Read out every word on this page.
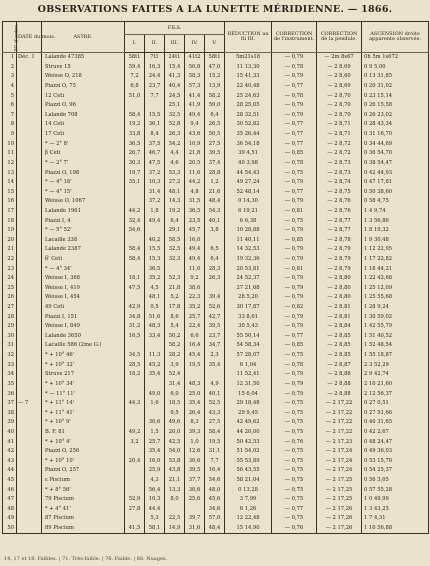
OBSERVATIONS FAITES A LA LUNETTE MÉRIDIENNE. — 1866.
N° d'ordre.	DATE du mois.	ASTRE.	FILS.					RÉDUCTION au fil III.	CORRECTION de l'instrument.	CORRECTION de la pendule.	ASCENSION droite apparente observée.
			I.	II.	III.	IV.	V.				
1	Déc. 1	Lalande 47385	58t1	7t1	24t1	41t2	58t1	5m21s18	— 0,79	— 2m 8s67	0h 5m 1s672
2		Struve 15	59,4	16,3	15,4	50,8	47,0	11 13,30	— 0,78	— 2 8,69	0 9 5,00
3		Weisse O, 218	7,2	24,4	41,3	58,3	15,2	15 41,33	— 0,79	— 2 8,60	0 13 31,85
4		Piazzi O, 75	6,8	23,7	40,4	57,3	13,9	22 40,48	— 0,77	— 2 8,69	0 20 31,02
5		12 Ceti	51,0	7,7	24,5	41,4	58,2	25 24,63	— 0,78	— 2 8,70	0 23 15,14
6		Piazzi O, 96			25,1	41,9	59,0	28 25,05	— 0,79	— 2 8,70	0 26 15,58
7		Lalande 708	58,4	15,5	32,5	49,4	6,4	28 32,51	— 0,79	— 2 8,70	0 26 23,02
8		14 Ceti	19,2	36,1	52,8	9,4	26,5	30 52,82	— 0,77	— 2 8,71	0 28 43,34
9		17 Ceti	33,8	8,4	26,3	43,6	50,5	35 26,44	— 0,77	— 2 8,71	0 31 16,70
10		* — 2° 8'	36,5	37,5	54,2	10,9	27,5	36 54,18	— 0,77	— 2 8,72	0 34 44,69
11		β Ceti	26,7	46,7	4,4	21,8	39,5	39 4,51	— 0,85	— 2 8,72	0 36 54,70
12		* — 2° 7'	30,3	47,5	4,6	20,5	37,4	40 3,98	— 0,78	— 2 8,73	0 38 54,47
13		Piazzi O, 198	19,7	37,2	53,3	11,6	28,8	44 54,43	— 0,75	— 2 8,73	0 42 44,93
14		* — 4° 18'	35,1	10,3	27,2	44,2	1,2	49 27,24	— 0,79	— 2 8,74	0 47 17,81
15		* — 4° 15'		31,4	48,1	4,8	21,6	52 48,14	— 0,77	— 2 8,75	0 50 38,60
16		Weisse O, 1067		37,2	14,3	31,5	48,4	0 14,30	— 0,79	— 2 8,76	0 58 4,75
17		Lalande 1961	44,2	1,8	19,2	36,5	54,3	6 19,21	— 0,81	— 2 8,76	1 4 9,74
18		Piazzi I, 4	32,4	49,4	6,4	23,5	40,1	6 6,38	— 0,75	— 2 8,77	1 3 56,86
19		* — 5° 52'	54,6		29,1	45,7	3,8	10 28,88	— 0,79	— 2 8,77	1 8 19,32
20		Lacaille 338		40,2	58,5	16,0		11 40,11	— 0,85	— 2 8,78	1 9 30,48
21		Lalande 2387	58,4	15,5	32,5	49,4	6,5	14 32,53	— 0,79	— 2 8,79	1 12 22,95
22		δ' Ceti	58,4	15,3	32,3	49,4	6,4	19 32,36	— 0,79	— 2 8,79	1 17 22,82
23		* — 4° 34'		36,5		11,0	28,3	20 53,81	— 0,81	— 2 8,79	1 18 44,21
24		Weisse I, 368	18,1	35,2	52,3	9,2	26,3	24 52,37	— 0,79	— 2 8,80	1 22 42,68
25		Weisse I, 419	47,5	4,5	21,8	38,6		27 21,68	— 0,79	— 2 8,80	1 25 12,09
26		Weisse I, 454		48,1	5,2	22,3	39,4	28 5,20	— 0,79	— 2 8,80	1 25 55,68
27		49 Ceti	42,9	0,5	17,8	35,2	52,6	30 17,87	— 0,82	— 2 8,81	1 28 9,24
28		Piazzi I, 151	34,8	51,6	8,6	25,7	42,7	33 8,61	— 0,79	— 2 8,81	1 30 59,02
29		Weisse I, 849	31,2	48,3	5,4	22,4	39,5	30 5,43	— 0,79	— 2 8,84	1 42 55,79
30		Lalande 3650	16,5	33,4	50,2	6,6	23,7	55 50,14	— 0,77	— 2 8,85	1 51 40,52
31		Lacaille 586 (2me G.)			58,2	16,4	34,7	54 58,34	— 0,85	— 2 8,85	1 52 48,54
32		* + 10° 46'	34,5	11,3	28,2	45,4	2,3	57 28,07	— 0,75	— 2 8,85	1 55 18,87
33		* + 10° 32'	28,5	45,2	3,9	19,5	35,4	6 1,04	— 0,78	— 2 8,87	2 3 52,29
34		Struve 217	18,2	35,4	52,4			11 52,41	— 0,79	— 2 8,88	2 9 42,74
35		* + 10° 34'			31,4	48,3	4,9	12 31,50	— 0,79	— 2 8,88	2 10 21,60
36		* — 11° 11'		49,0	6,0	25,0	40,1	15 6,04	— 0,79	— 2 8,88	2 12 56,37
37	— 7	* + 11° 14'	44,3	1,6	18,5	35,4	52,5	29 18,48	— 0,75	— 2 17,22	0 27 0,51
38		* + 11° 41'			9,5	26,4	43,3	29 9,45	— 0,75	— 2 17,22	0 27 51,66
39		* + 10° 9'		30,6	49,6	8,3	27,5	42 49,62	— 0,75	— 2 17,22	0 40 31,65
40		B. F. 81	49,2	1,5	20,0	39,3	58,4	44 20,00	— 0,75	— 2 17,22	0 42 2,67
41		* + 10° 4'	3,2	25,7	42,5	1,0	19,5	50 42,53	— 0,76	— 2 17,23	0 48 24,47
42		Piazzi O, 256		35,4	54,0	12,6	31,1	51 54,02	— 0,75	— 2 17,24	0 49 36,03
43		* + 10° 10'	20,4	16,0	53,8	30,6	7,7	55 53,89	— 0,75	— 2 17,24	0 53 15,70
44		Piazzi O, 257		25,9	43,8	39,5	16,4	56 43,55	— 0,75	— 2 17,24	0 54 25,37
45		ε Piscium		4,3	21,1	37,7	54,6	58 21,04	— 0,75	— 2 17,25	0 56 3,05
46		* + 8° 56'		56,4	13,3	30,6	48,0	0 13,28	— 0,75	— 2 17,25	0 57 55,28
47		79 Piscium	52,9	10,3	8,0	25,6	45,6	3 7,99	— 0,75	— 2 17,25	1 0 49,99
48		* + 4° 41'	27,8	44,4			34,6	6 1,26	— 0,77	— 2 17,26	1 3 43,25
49		87 Piscium		5,3	22,5	39,7	57,0	12 22,48	— 0,75	— 2 17,26	1 7 4,31
50		89 Piscium	41,5	58,1	14,9	31,6	48,4	15 14,90	— 0,76	— 2 17,26	1 10 56,88
14, 17 et 18. Faibles. | 71. Très-faible. | 76. Faible. | 88. Nuages.
